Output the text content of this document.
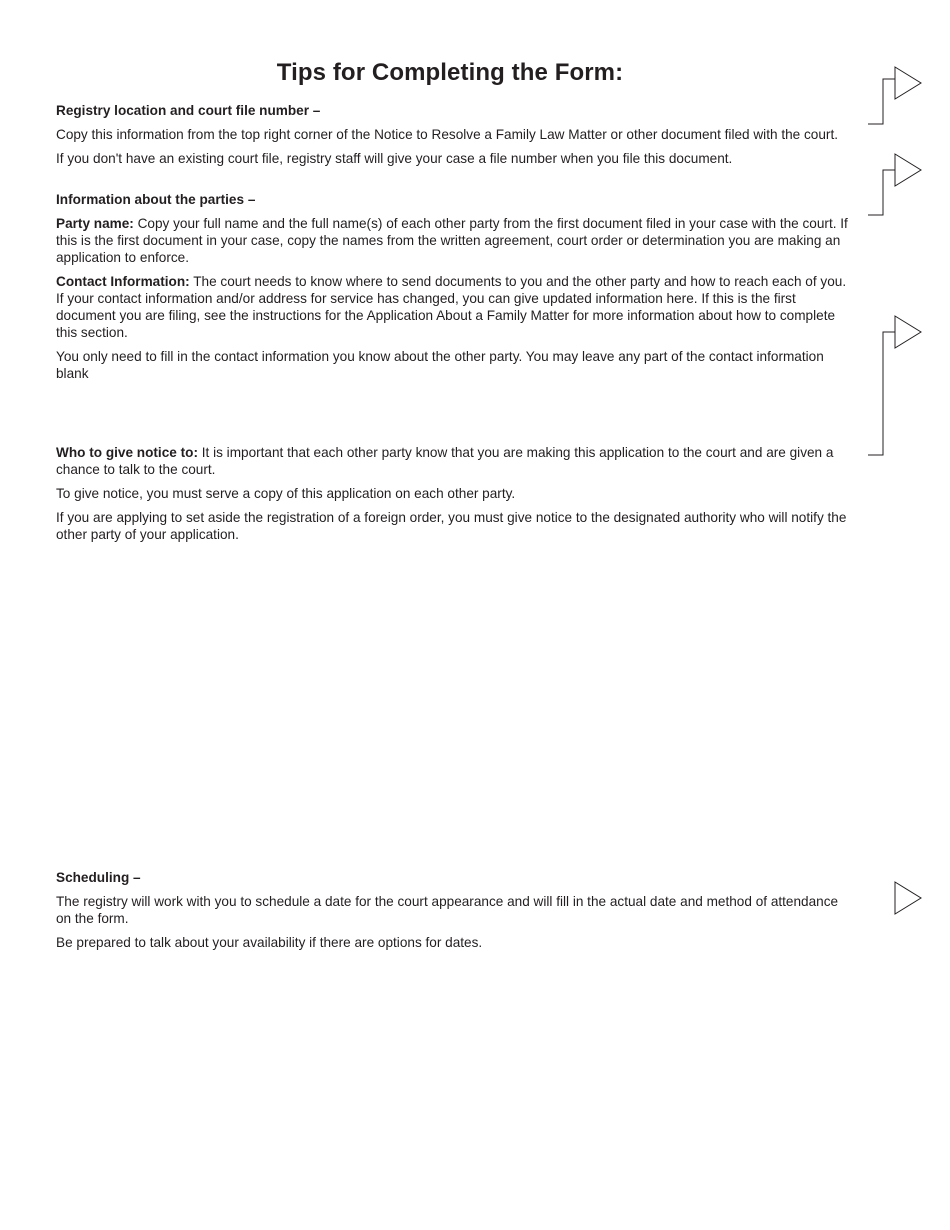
Tips for Completing the Form:

Registry location and court file number –

Copy this information from the top right corner of the Notice to Resolve a Family Law Matter or other document filed with the court.

If you don't have an existing court file, registry staff will give your case a file number when you file this document.

Information about the parties –

Party name: Copy your full name and the full name(s) of each other party from the first document filed in your case with the court. If this is the first document in your case, copy the names from the written agreement, court order or determination you are making an application to enforce.

Contact Information: The court needs to know where to send documents to you and the other party and how to reach each of you. If your contact information and/or address for service has changed, you can give updated information here. If this is the first document you are filing, see the instructions for the Application About a Family Matter for more information about how to complete this section.

You only need to fill in the contact information you know about the other party. You may leave any part of the contact information blank

Who to give notice to: It is important that each other party know that you are making this application to the court and are given a chance to talk to the court.

To give notice, you must serve a copy of this application on each other party.

If you are applying to set aside the registration of a foreign order, you must give notice to the designated authority who will notify the other party of your application.

Scheduling –

The registry will work with you to schedule a date for the court appearance and will fill in the actual date and method of attendance on the form.

Be prepared to talk about your availability if there are options for dates.
